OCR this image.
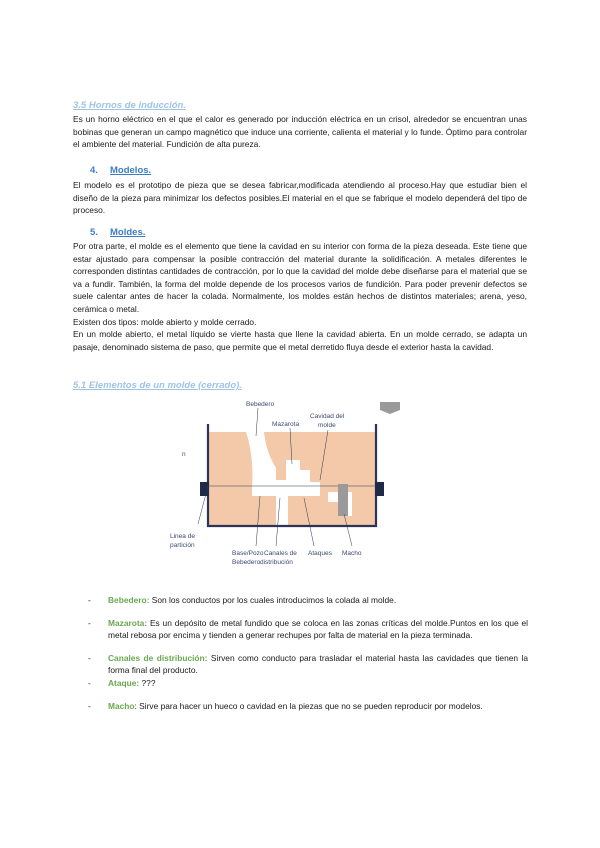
3.5 Hornos de inducción.

Es un horno eléctrico en el que el calor es generado por inducción eléctrica en un crisol, alrededor se encuentran unas bobinas que generan un campo magnético que induce una corriente, calienta el material y lo funde. Óptimo para controlar el ambiente del material. Fundición de alta pureza.

4. Modelos.

El modelo es el prototipo de pieza que se desea fabricar,modificada atendiendo al proceso.Hay que estudiar bien el diseño de la pieza para minimizar los defectos posibles.El material en el que se fabrique el modelo dependerá del tipo de proceso.

5. Moldes.

Por otra parte, el molde es el elemento que tiene la cavidad en su interior con forma de la pieza deseada. Este tiene que estar ajustado para compensar la posible contracción del material durante la solidificación. A metales diferentes le corresponden distintas cantidades de contracción, por lo que la cavidad del molde debe diseñarse para el material que se va a fundir. También, la forma del molde depende de los procesos varios de fundición. Para poder prevenir defectos se suele calentar antes de hacer la colada. Normalmente, los moldes están hechos de distintos materiales; arena, yeso, cerámica o metal.

Existen dos tipos: molde abierto y molde cerrado.

En un molde abierto, el metal líquido se vierte hasta que llene la cavidad abierta. En un molde cerrado, se adapta un pasaje, denominado sistema de paso, que permite que el metal derretido fluya desde el exterior hasta la cavidad.

5.1 Elementos de un molde (cerrado).
Bebedero
Mazarota
Cavidad del
molde
n
Linea de
partición
Base/Pozo
Bebedero
Canales de
distribución
Ataques Macho
- Bebedero: Son los conductos por los cuales introducimos la colada al molde.
- Mazarota: Es un depósito de metal fundido que se coloca en las zonas críticas del molde.Puntos en los que el metal rebosa por encima y tienden a generar rechupes por falta de material en la pieza terminada.
- Canales de distribución: Sirven como conducto para trasladar el material hasta las cavidades que tienen la forma final del producto.
- Ataque: ???
- Macho: Sirve para hacer un hueco o cavidad en la piezas que no se pueden reproducir por modelos.
